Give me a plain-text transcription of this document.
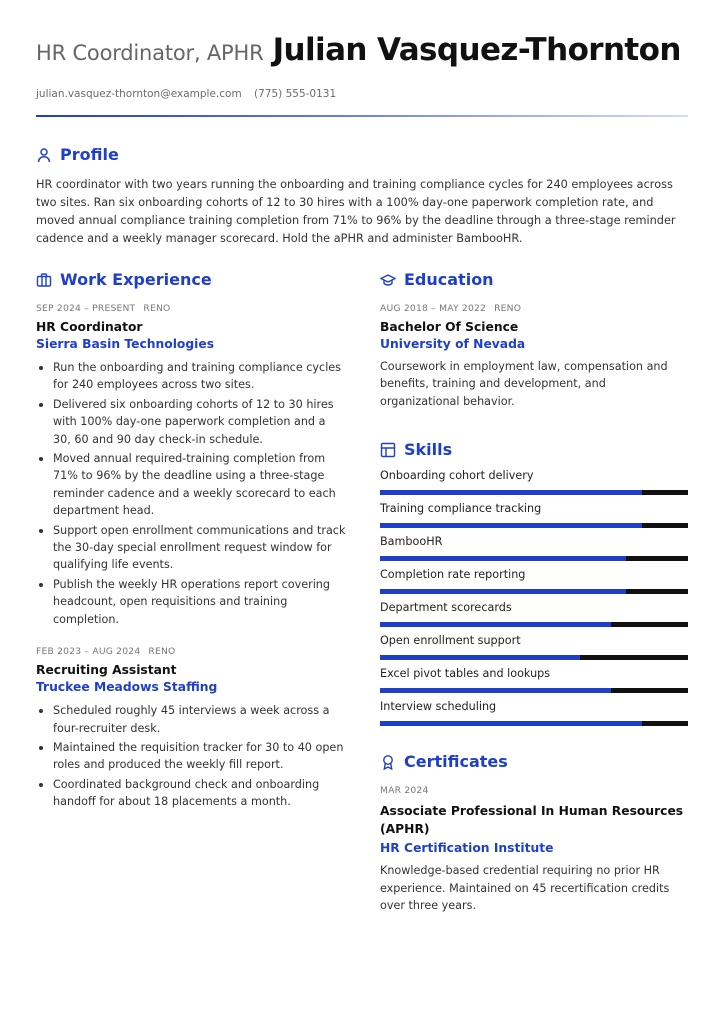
HR Coordinator, APHR Julian Vasquez-Thornton
julian.vasquez-thornton@example.com (775) 555-0131
Profile

HR coordinator with two years running the onboarding and training compliance cycles for 240 employees across two sites. Ran six onboarding cohorts of 12 to 30 hires with a 100% day-one paperwork completion rate, and moved annual compliance training completion from 71% to 96% by the deadline through a three-stage reminder cadence and a weekly manager scorecard. Hold the aPHR and administer BambooHR.

Work Experience
SEP 2024 – PRESENT RENO
HR Coordinator
Sierra Basin Technologies
Run the onboarding and training compliance cycles for 240 employees across two sites.
Delivered six onboarding cohorts of 12 to 30 hires with 100% day-one paperwork completion and a 30, 60 and 90 day check-in schedule.
Moved annual required-training completion from 71% to 96% by the deadline using a three-stage reminder cadence and a weekly scorecard to each department head.
Support open enrollment communications and track the 30-day special enrollment request window for qualifying life events.
Publish the weekly HR operations report covering headcount, open requisitions and training completion.
FEB 2023 – AUG 2024 RENO
Recruiting Assistant
Truckee Meadows Staffing
Scheduled roughly 45 interviews a week across a four-recruiter desk.
Maintained the requisition tracker for 30 to 40 open roles and produced the weekly fill report.
Coordinated background check and onboarding handoff for about 18 placements a month.
Education
AUG 2018 – MAY 2022 RENO
Bachelor Of Science
University of Nevada
Coursework in employment law, compensation and benefits, training and development, and organizational behavior.
Skills
Onboarding cohort delivery
Training compliance tracking
BambooHR
Completion rate reporting
Department scorecards
Open enrollment support
Excel pivot tables and lookups
Interview scheduling
Certificates
MAR 2024
Associate Professional In Human Resources (APHR)
HR Certification Institute
Knowledge-based credential requiring no prior HR experience. Maintained on 45 recertification credits over three years.
